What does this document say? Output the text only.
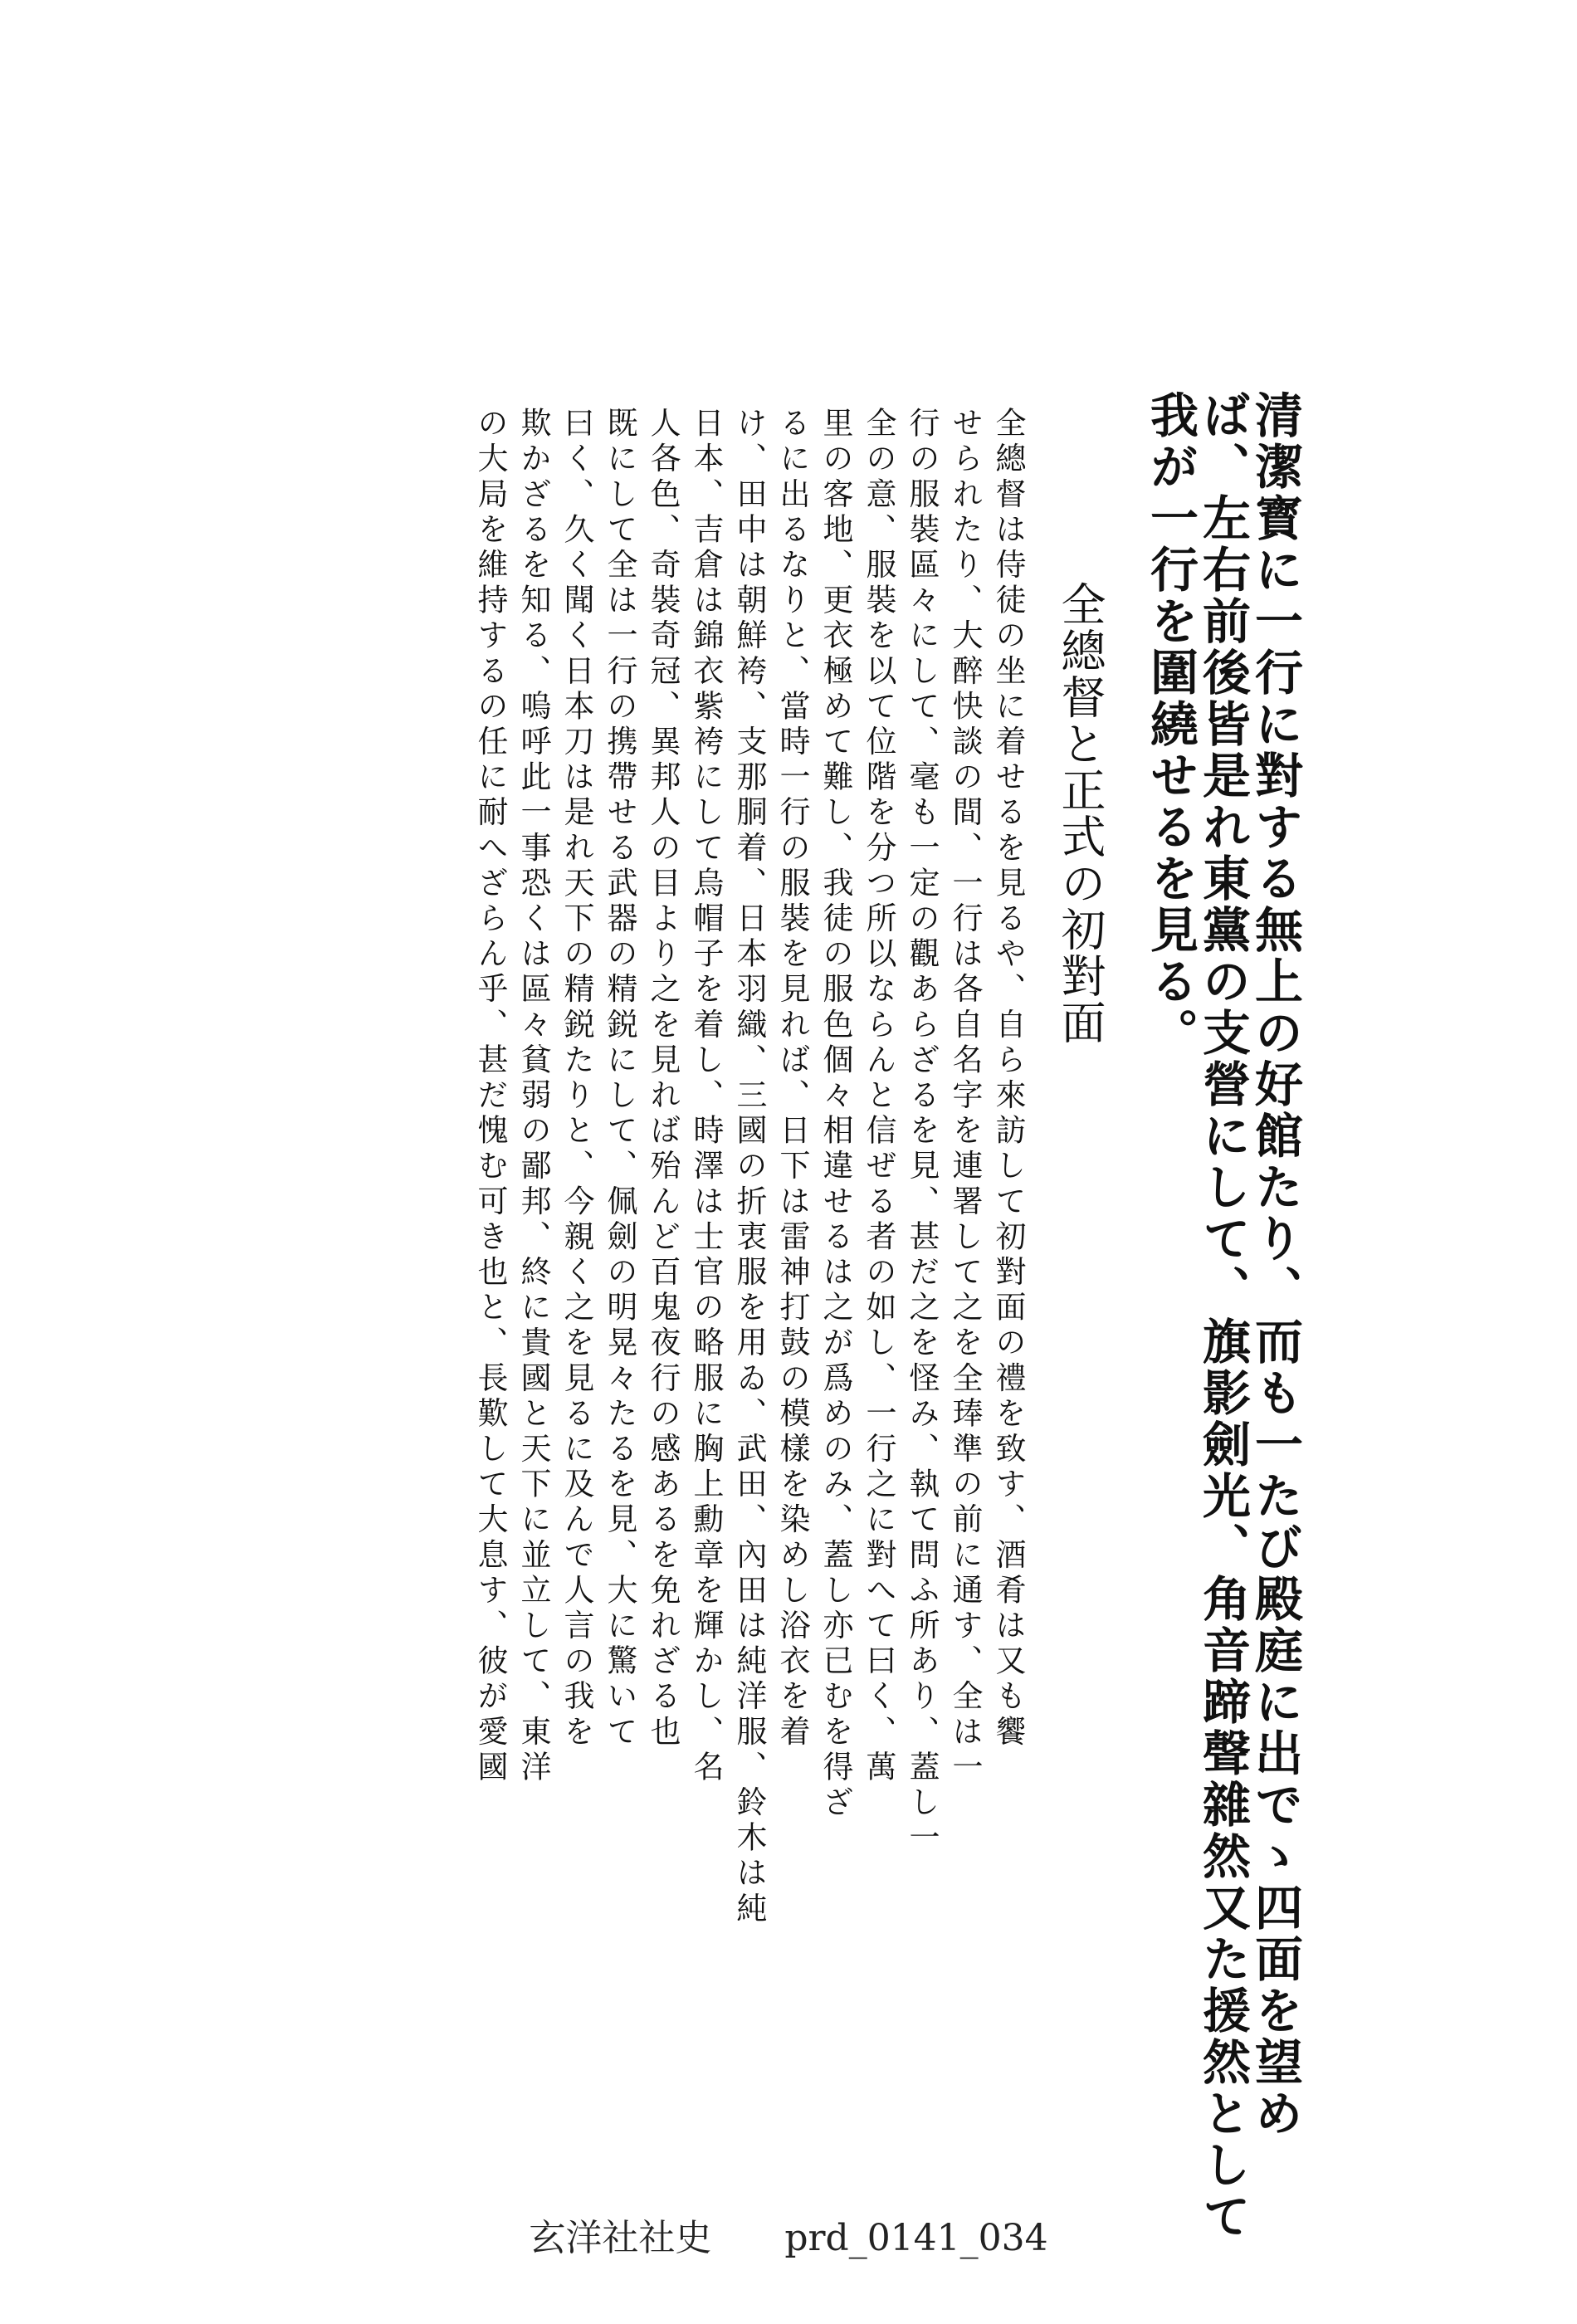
清潔寳に一行に對する無上の好館たり、而も一たび殿庭に出でゝ四面を望め
ば、左右前後皆是れ東黨の支營にして、旗影劍光、角音蹄聲雜然又た援然として
我が一行を圍繞せるを見る。
全總督と正式の初對面
全總督は侍徒の坐に着せるを見るや、自ら來訪して初對面の禮を致す、酒肴は又も饗
せられたり、大醉快談の間、一行は各自名字を連署して之を全琫準の前に通す、全は一
行の服裝區々にして、毫も一定の觀あらざるを見、甚だ之を怪み、執て問ふ所あり、蓋し一
全の意、服裝を以て位階を分つ所以ならんと信ぜる者の如し、一行之に對へて曰く、萬
里の客地、更衣極めて難し、我徒の服色個々相違せるは之が爲めのみ、蓋し亦已むを得ざ
るに出るなりと、當時一行の服裝を見れば、日下は雷神打鼓の模樣を染めし浴衣を着
け、田中は朝鮮袴、支那胴着、日本羽織、三國の折衷服を用ゐ、武田、內田は純洋服、鈴木は純
日本、吉倉は錦衣紫袴にして烏帽子を着し、時澤は士官の略服に胸上勳章を輝かし、名
人各色、奇裝奇冠、異邦人の目より之を見れば殆んど百鬼夜行の感あるを免れざる也
既にして全は一行の携帶せる武器の精鋭にして、佩劍の明晃々たるを見、大に驚いて
曰く、久く聞く日本刀は是れ天下の精鋭たりと、今親く之を見るに及んで人言の我を
欺かざるを知る、嗚呼此一事恐くは區々貧弱の鄙邦、終に貴國と天下に並立して、東洋
の大局を維持するの任に耐へざらん乎、甚だ愧む可き也と、長歎して大息す、彼が愛國
玄洋社社史　　prd_0141_034
